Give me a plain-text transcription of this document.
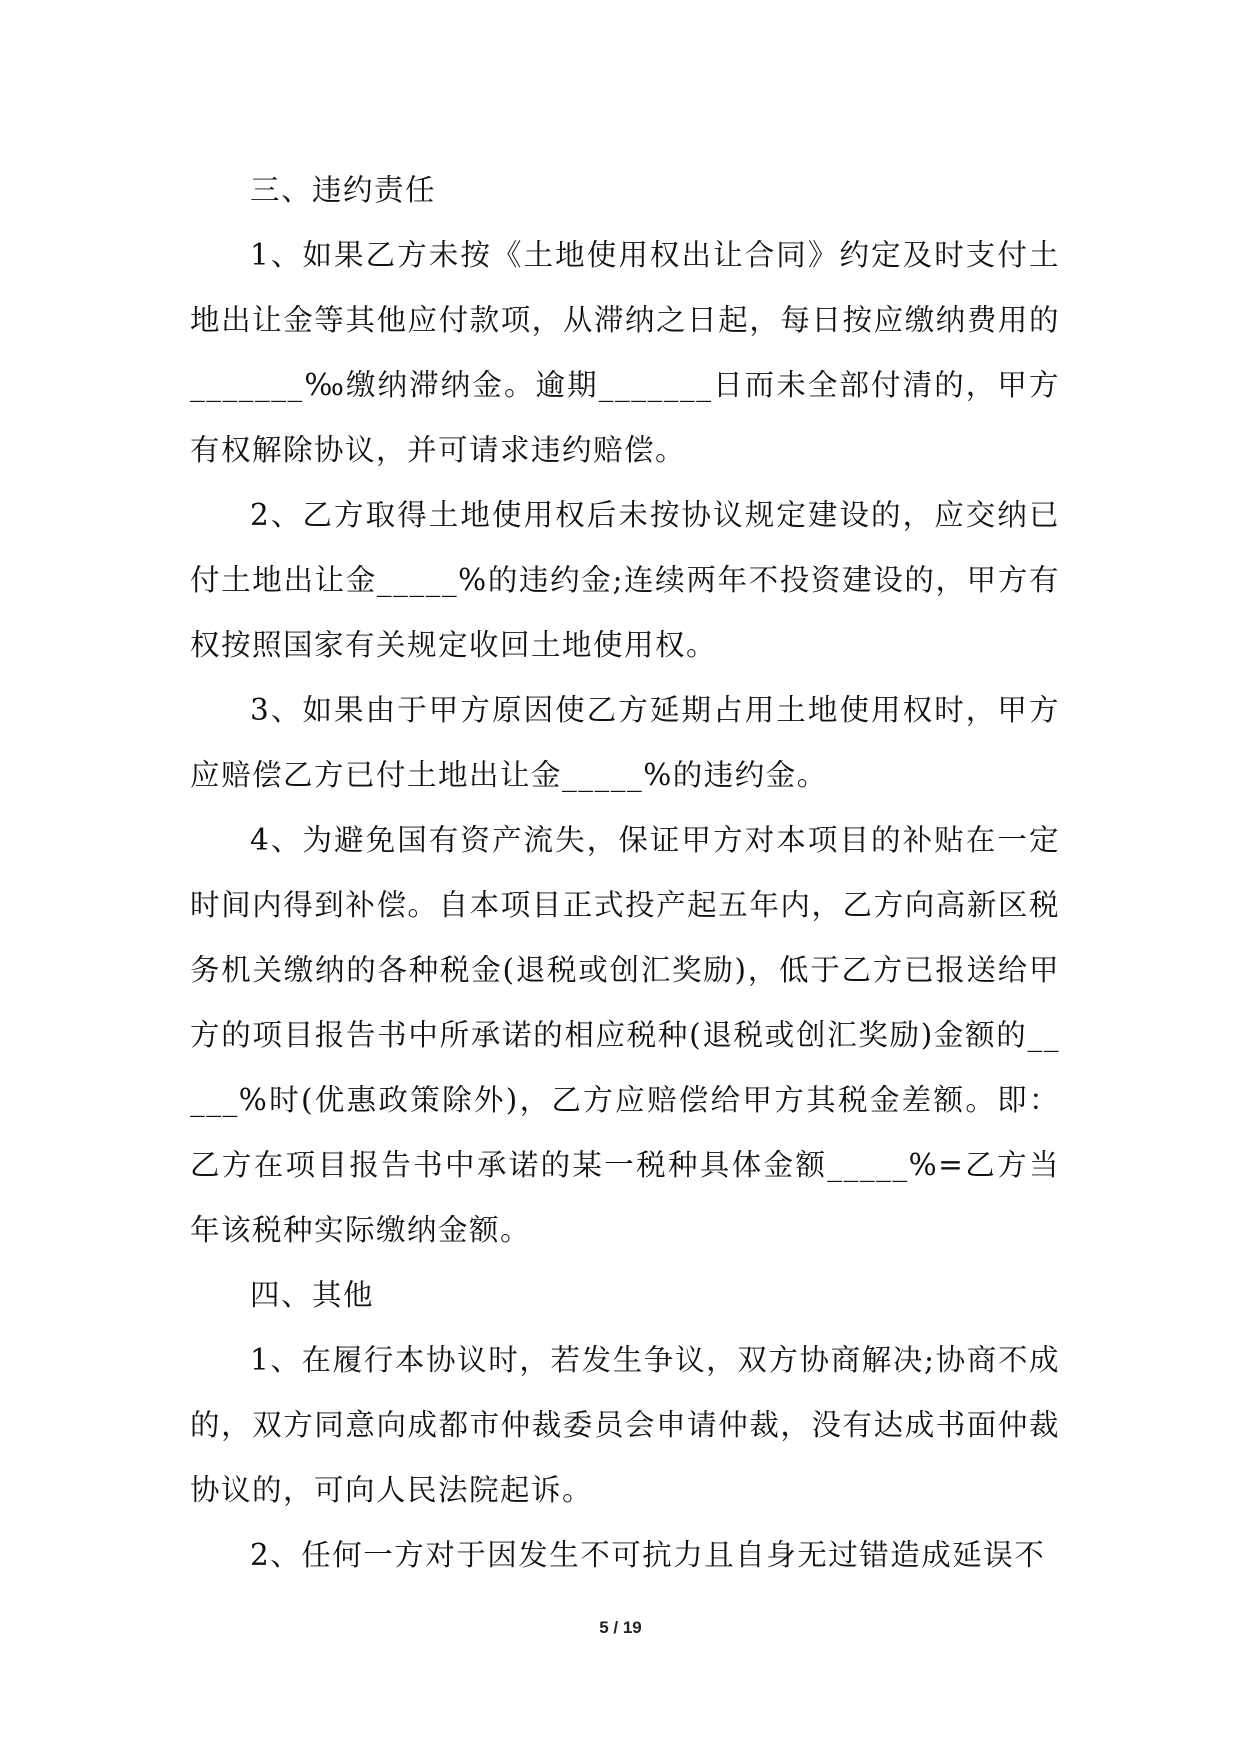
三、违约责任

1、如果乙方未按《土地使用权出让合同》约定及时支付土地出让金等其他应付款项，从滞纳之日起，每日按应缴纳费用的_______‰缴纳滞纳金。逾期_______日而未全部付清的，甲方有权解除协议，并可请求违约赔偿。

2、乙方取得土地使用权后未按协议规定建设的，应交纳已付土地出让金_____%的违约金;连续两年不投资建设的，甲方有权按照国家有关规定收回土地使用权。

3、如果由于甲方原因使乙方延期占用土地使用权时，甲方应赔偿乙方已付土地出让金_____%的违约金。

4、为避免国有资产流失，保证甲方对本项目的补贴在一定时间内得到补偿。自本项目正式投产起五年内，乙方向高新区税务机关缴纳的各种税金(退税或创汇奖励)，低于乙方已报送给甲方的项目报告书中所承诺的相应税种(退税或创汇奖励)金额的_____%时(优惠政策除外)，乙方应赔偿给甲方其税金差额。即：乙方在项目报告书中承诺的某一税种具体金额_____%=乙方当年该税种实际缴纳金额。

四、其他

1、在履行本协议时，若发生争议，双方协商解决;协商不成的，双方同意向成都市仲裁委员会申请仲裁，没有达成书面仲裁协议的，可向人民法院起诉。

2、任何一方对于因发生不可抗力且自身无过错造成延误不

5 / 19
